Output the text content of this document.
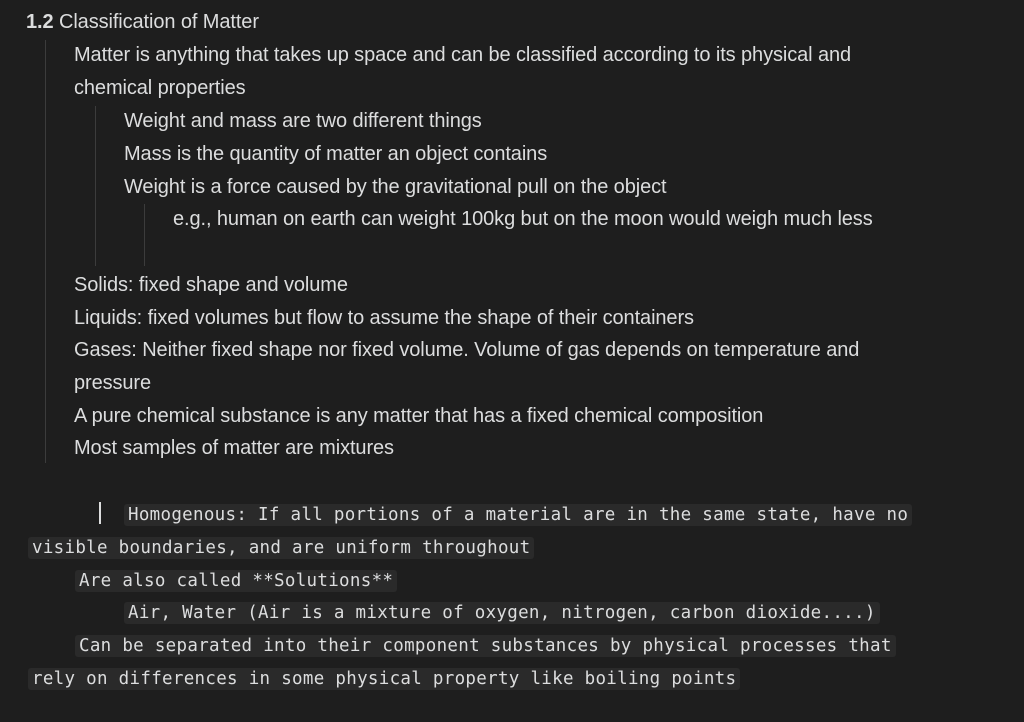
1.2 Classification of Matter
Matter is anything that takes up space and can be classified according to its physical and
chemical properties
Weight and mass are two different things
Mass is the quantity of matter an object contains
Weight is a force caused by the gravitational pull on the object
e.g., human on earth can weight 100kg but on the moon would weigh much less
Solids: fixed shape and volume
Liquids: fixed volumes but flow to assume the shape of their containers
Gases: Neither fixed shape nor fixed volume. Volume of gas depends on temperature and
pressure
A pure chemical substance is any matter that has a fixed chemical composition
Most samples of matter are mixtures
Homogenous: If all portions of a material are in the same state, have no
visible boundaries, and are uniform throughout
Are also called **Solutions**
Air, Water (Air is a mixture of oxygen, nitrogen, carbon dioxide....)
Can be separated into their component substances by physical processes that
rely on differences in some physical property like boiling points
